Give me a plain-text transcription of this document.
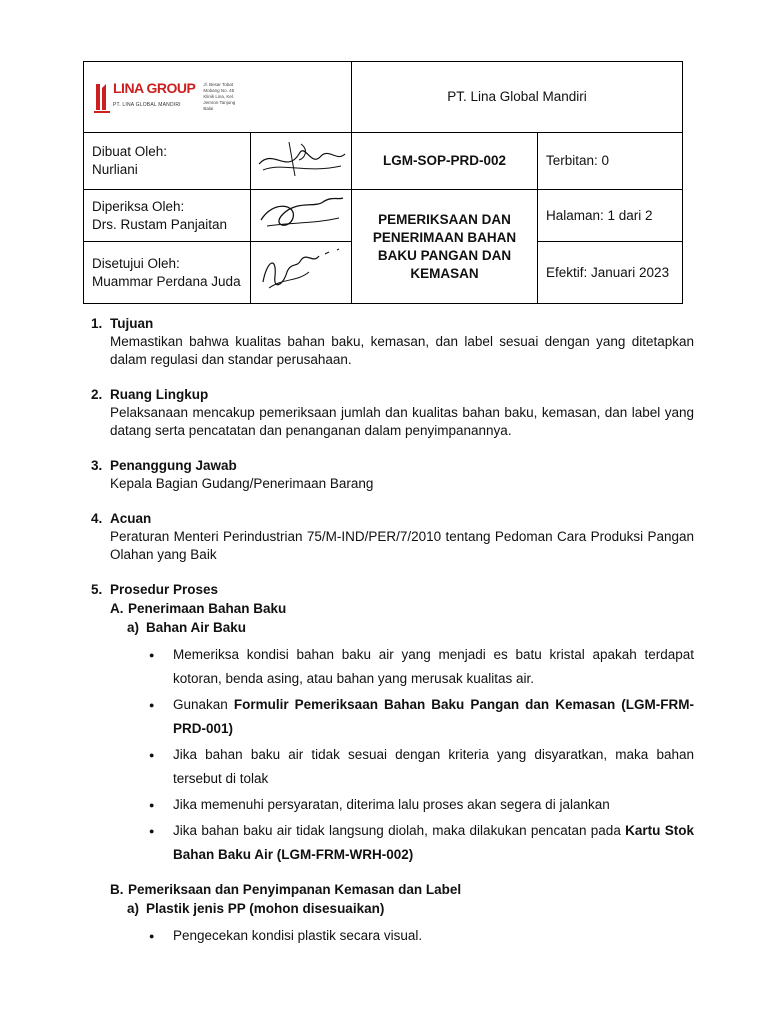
LINA GROUP
PT. LINA GLOBAL MANDIRI
Jl. Besar Tobat Mobang No. 45 Klinik Lina, Kel. Jemron Tanjung Balai		PT. Lina Global Mandiri	

Dibuat Oleh:
Nurliani		LGM-SOP-PRD-002	Terbitan: 0

Diperiksa Oleh:
Drs. Rustam Panjaitan		PEMERIKSAAN DAN PENERIMAAN BAHAN BAKU PANGAN DAN KEMASAN	Halaman: 1 dari 2

Disetujui Oleh:
Muammar Perdana Juda			Efektif: Januari 2023
1. Tujuan
Memastikan bahwa kualitas bahan baku, kemasan, dan label sesuai dengan yang ditetapkan dalam regulasi dan standar perusahaan.
2. Ruang Lingkup
Pelaksanaan mencakup pemeriksaan jumlah dan kualitas bahan baku, kemasan, dan label yang datang serta pencatatan dan penanganan dalam penyimpanannya.
3. Penanggung Jawab
Kepala Bagian Gudang/Penerimaan Barang
4. Acuan
Peraturan Menteri Perindustrian 75/M-IND/PER/7/2010 tentang Pedoman Cara Produksi Pangan Olahan yang Baik
5. Prosedur Proses
A. Penerimaan Bahan Baku
a) Bahan Air Baku
● Memeriksa kondisi bahan baku air yang menjadi es batu kristal apakah terdapat kotoran, benda asing, atau bahan yang merusak kualitas air.
● Gunakan Formulir Pemeriksaan Bahan Baku Pangan dan Kemasan (LGM-FRM-PRD-001)
● Jika bahan baku air tidak sesuai dengan kriteria yang disyaratkan, maka bahan tersebut di tolak
● Jika memenuhi persyaratan, diterima lalu proses akan segera di jalankan
● Jika bahan baku air tidak langsung diolah, maka dilakukan pencatan pada Kartu Stok Bahan Baku Air (LGM-FRM-WRH-002)
B. Pemeriksaan dan Penyimpanan Kemasan dan Label
a) Plastik jenis PP (mohon disesuaikan)
● Pengecekan kondisi plastik secara visual.
